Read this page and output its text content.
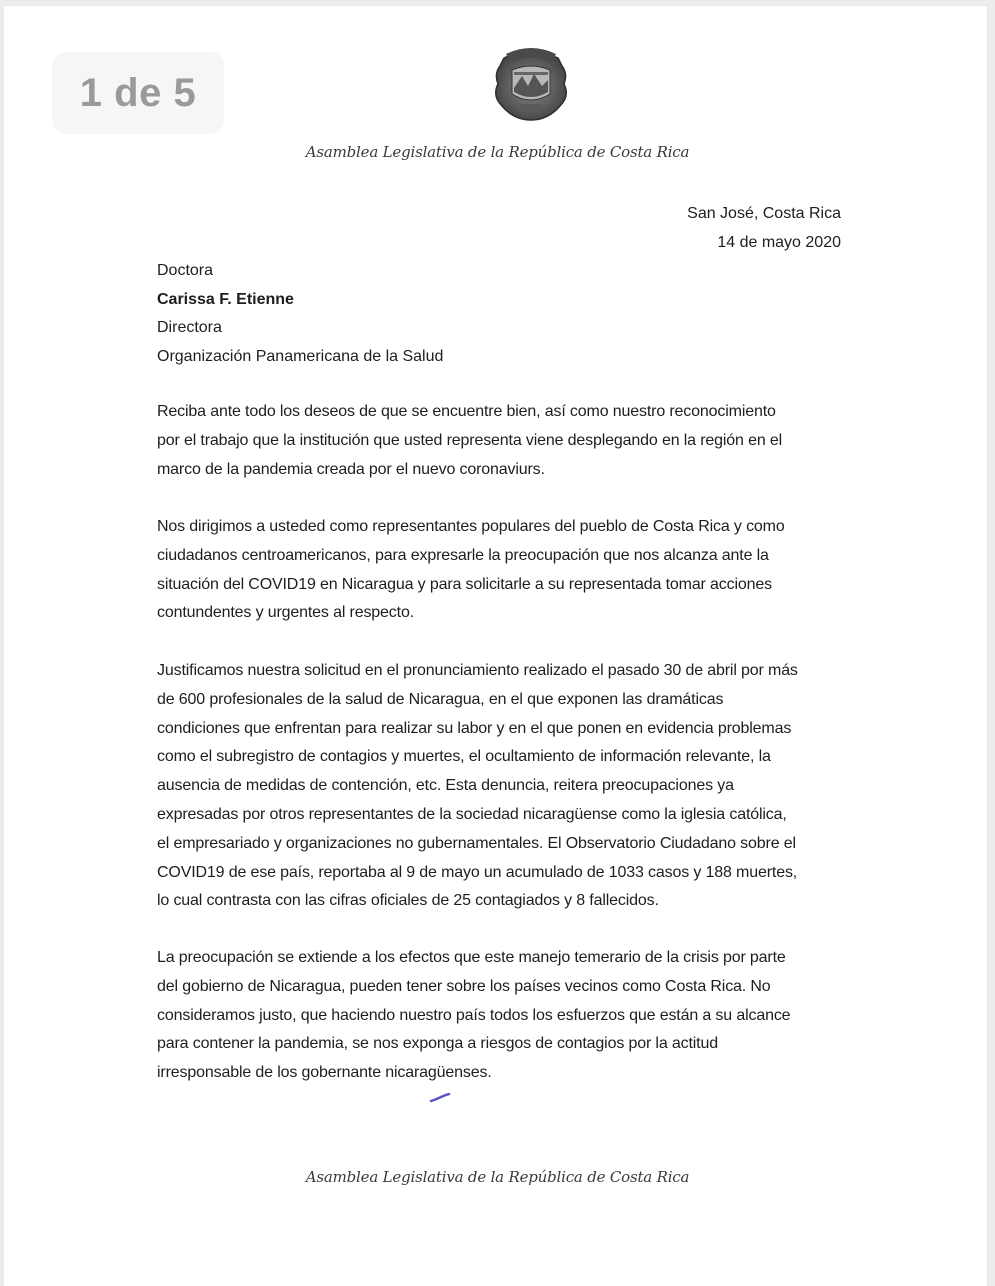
1 de 5
Asamblea Legislativa de la República de Costa Rica
San José, Costa Rica
14 de mayo 2020
Doctora
Carissa F. Etienne
Directora
Organización Panamericana de la Salud
Reciba ante todo los deseos de que se encuentre bien, así como nuestro reconocimiento
por el trabajo que la institución que usted representa viene desplegando en la región en el
marco de la pandemia creada por el nuevo coronaviurs.
Nos dirigimos a usteded como representantes populares del pueblo de Costa Rica y como
ciudadanos centroamericanos, para expresarle la preocupación que nos alcanza ante la
situación del COVID19 en Nicaragua y para solicitarle a su representada tomar acciones
contundentes y urgentes al respecto.
Justificamos nuestra solicitud en el pronunciamiento realizado el pasado 30 de abril por más
de 600 profesionales de la salud de Nicaragua, en el que exponen las dramáticas
condiciones que enfrentan para realizar su labor y en el que ponen en evidencia problemas
como el subregistro de contagios y muertes, el ocultamiento de información relevante, la
ausencia de medidas de contención, etc. Esta denuncia, reitera preocupaciones ya
expresadas por otros representantes de la sociedad nicaragüense como la iglesia católica,
el empresariado y organizaciones no gubernamentales. El Observatorio Ciudadano sobre el
COVID19 de ese país, reportaba al 9 de mayo un acumulado de 1033 casos y 188 muertes,
lo cual contrasta con las cifras oficiales de 25 contagiados y 8 fallecidos.
La preocupación se extiende a los efectos que este manejo temerario de la crisis por parte
del gobierno de Nicaragua, pueden tener sobre los países vecinos como Costa Rica. No
consideramos justo, que haciendo nuestro país todos los esfuerzos que están a su alcance
para contener la pandemia, se nos exponga a riesgos de contagios por la actitud
irresponsable de los gobernante nicaragüenses.
Asamblea Legislativa de la República de Costa Rica
